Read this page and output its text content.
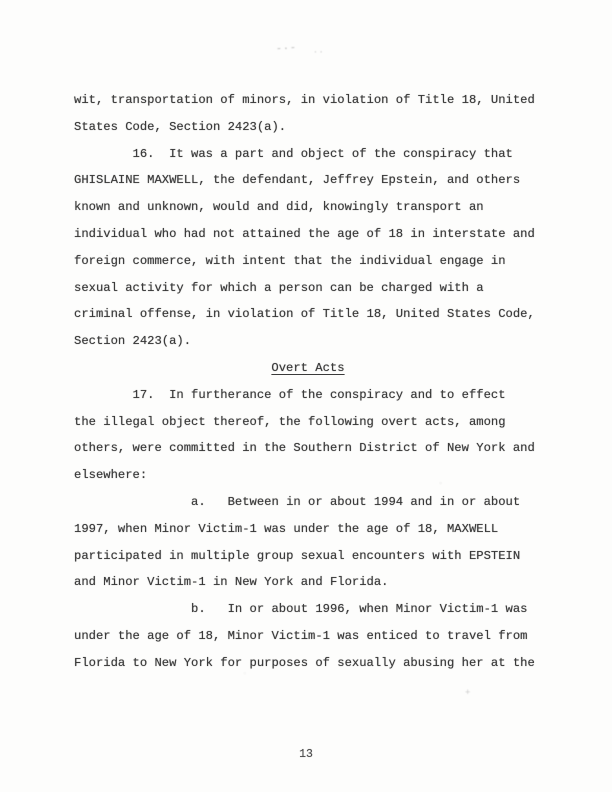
-·- ··
+
wit, transportation of minors, in violation of Title 18, United
States Code, Section 2423(a).
16.  It was a part and object of the conspiracy that
GHISLAINE MAXWELL, the defendant, Jeffrey Epstein, and others
known and unknown, would and did, knowingly transport an
individual who had not attained the age of 18 in interstate and
foreign commerce, with intent that the individual engage in
sexual activity for which a person can be charged with a
criminal offense, in violation of Title 18, United States Code,
Section 2423(a).
Overt Acts
17.  In furtherance of the conspiracy and to effect
the illegal object thereof, the following overt acts, among
others, were committed in the Southern District of New York and
elsewhere:
a.   Between in or about 1994 and in or about
1997, when Minor Victim-1 was under the age of 18, MAXWELL
participated in multiple group sexual encounters with EPSTEIN
and Minor Victim-1 in New York and Florida.
b.   In or about 1996, when Minor Victim-1 was
under the age of 18, Minor Victim-1 was enticed to travel from
Florida to New York for purposes of sexually abusing her at the
13
